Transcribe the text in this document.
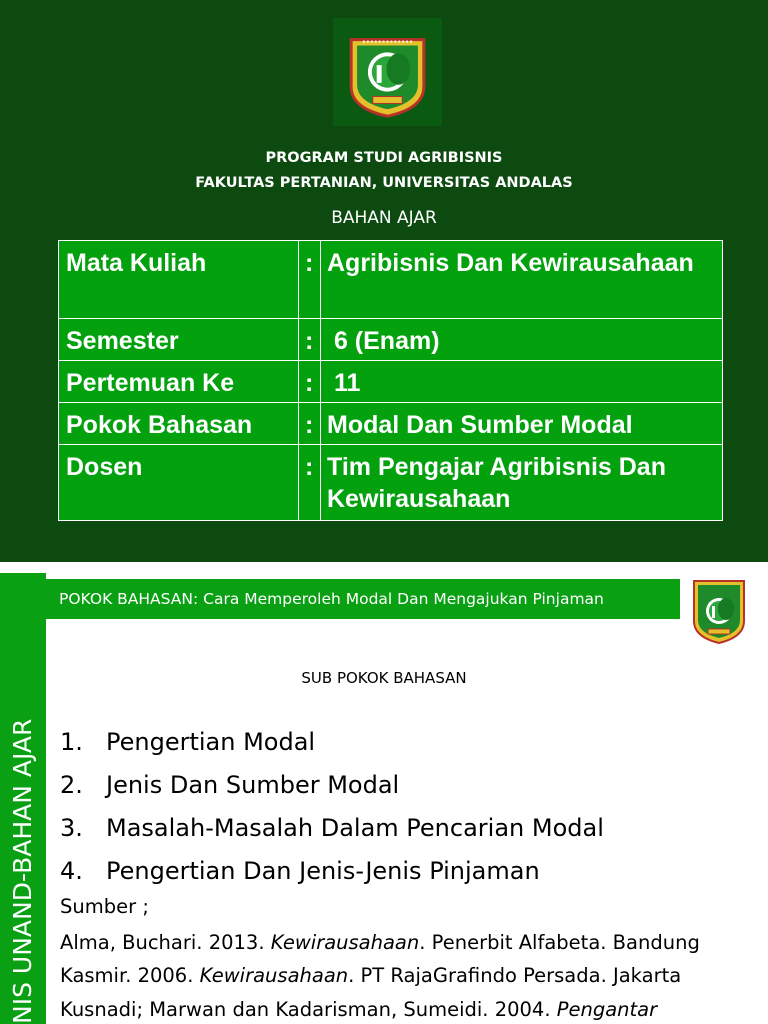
PROGRAM STUDI AGRIBISNIS
FAKULTAS PERTANIAN, UNIVERSITAS ANDALAS
BAHAN AJAR
Mata Kuliah	:	Agribisnis Dan Kewirausahaan
Semester	:	6 (Enam)
Pertemuan Ke	:	11
Pokok Bahasan	:	Modal Dan Sumber Modal
Dosen	:	Tim Pengajar Agribisnis Dan Kewirausahaan
NIS UNAND-BAHAN AJAR
POKOK BAHASAN: Cara Memperoleh Modal Dan Mengajukan Pinjaman
SUB POKOK BAHASAN
1. Pengertian Modal
2. Jenis Dan Sumber Modal
3. Masalah-Masalah Dalam Pencarian Modal
4. Pengertian Dan Jenis-Jenis Pinjaman
Sumber ;
Alma, Buchari. 2013. Kewirausahaan. Penerbit Alfabeta. Bandung
Kasmir. 2006. Kewirausahaan. PT RajaGrafindo Persada. Jakarta
Kusnadi; Marwan dan Kadarisman, Sumeidi. 2004. Pengantar
